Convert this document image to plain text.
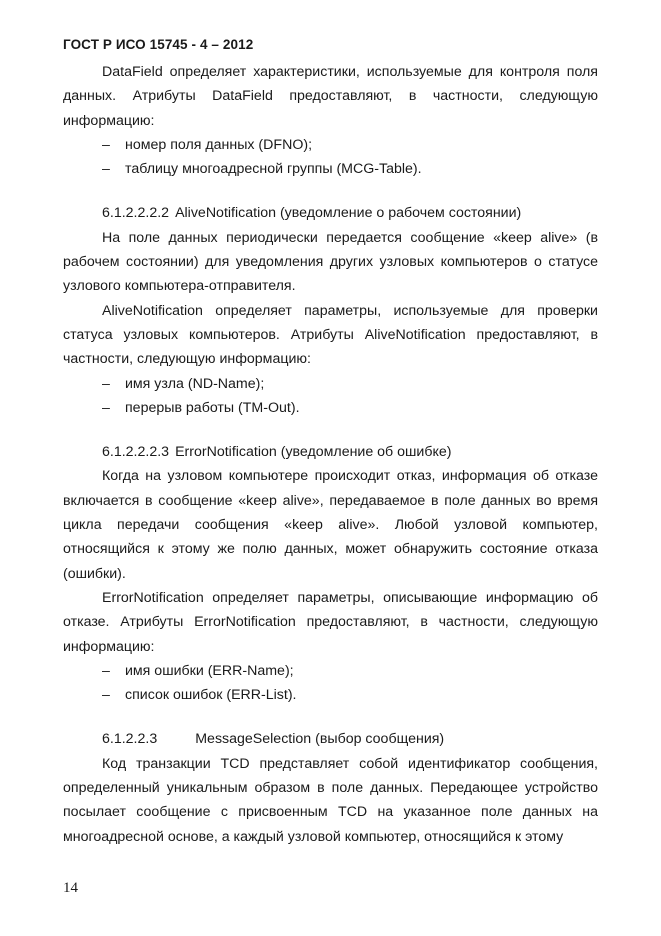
ГОСТ Р ИСО 15745 - 4 – 2012

DataField определяет характеристики, используемые для контроля поля данных. Атрибуты DataField предоставляют, в частности, следующую информацию:

– номер поля данных (DFNO);

– таблицу многоадресной группы (MCG-Table).

6.1.2.2.2.2 AliveNotification (уведомление о рабочем состоянии)

На поле данных периодически передается сообщение «keep alive» (в рабочем состоянии) для уведомления других узловых компьютеров о статусе узлового компьютера-отправителя.

AliveNotification определяет параметры, используемые для проверки статуса узловых компьютеров. Атрибуты AliveNotification предоставляют, в частности, следующую информацию:

– имя узла (ND-Name);

– перерыв работы (TM-Out).

6.1.2.2.2.3 ErrorNotification (уведомление об ошибке)

Когда на узловом компьютере происходит отказ, информация об отказе включается в сообщение «keep alive», передаваемое в поле данных во время цикла передачи сообщения «keep alive». Любой узловой компьютер, относящийся к этому же полю данных, может обнаружить состояние отказа (ошибки).

ErrorNotification определяет параметры, описывающие информацию об отказе. Атрибуты ErrorNotification предоставляют, в частности, следующую информацию:

– имя ошибки (ERR-Name);

– список ошибок (ERR-List).

6.1.2.2.3	MessageSelection (выбор сообщения)

Код транзакции TCD представляет собой идентификатор сообщения, определенный уникальным образом в поле данных. Передающее устройство посылает сообщение с присвоенным TCD на указанное поле данных на многоадресной основе, а каждый узловой компьютер, относящийся к этому

14
